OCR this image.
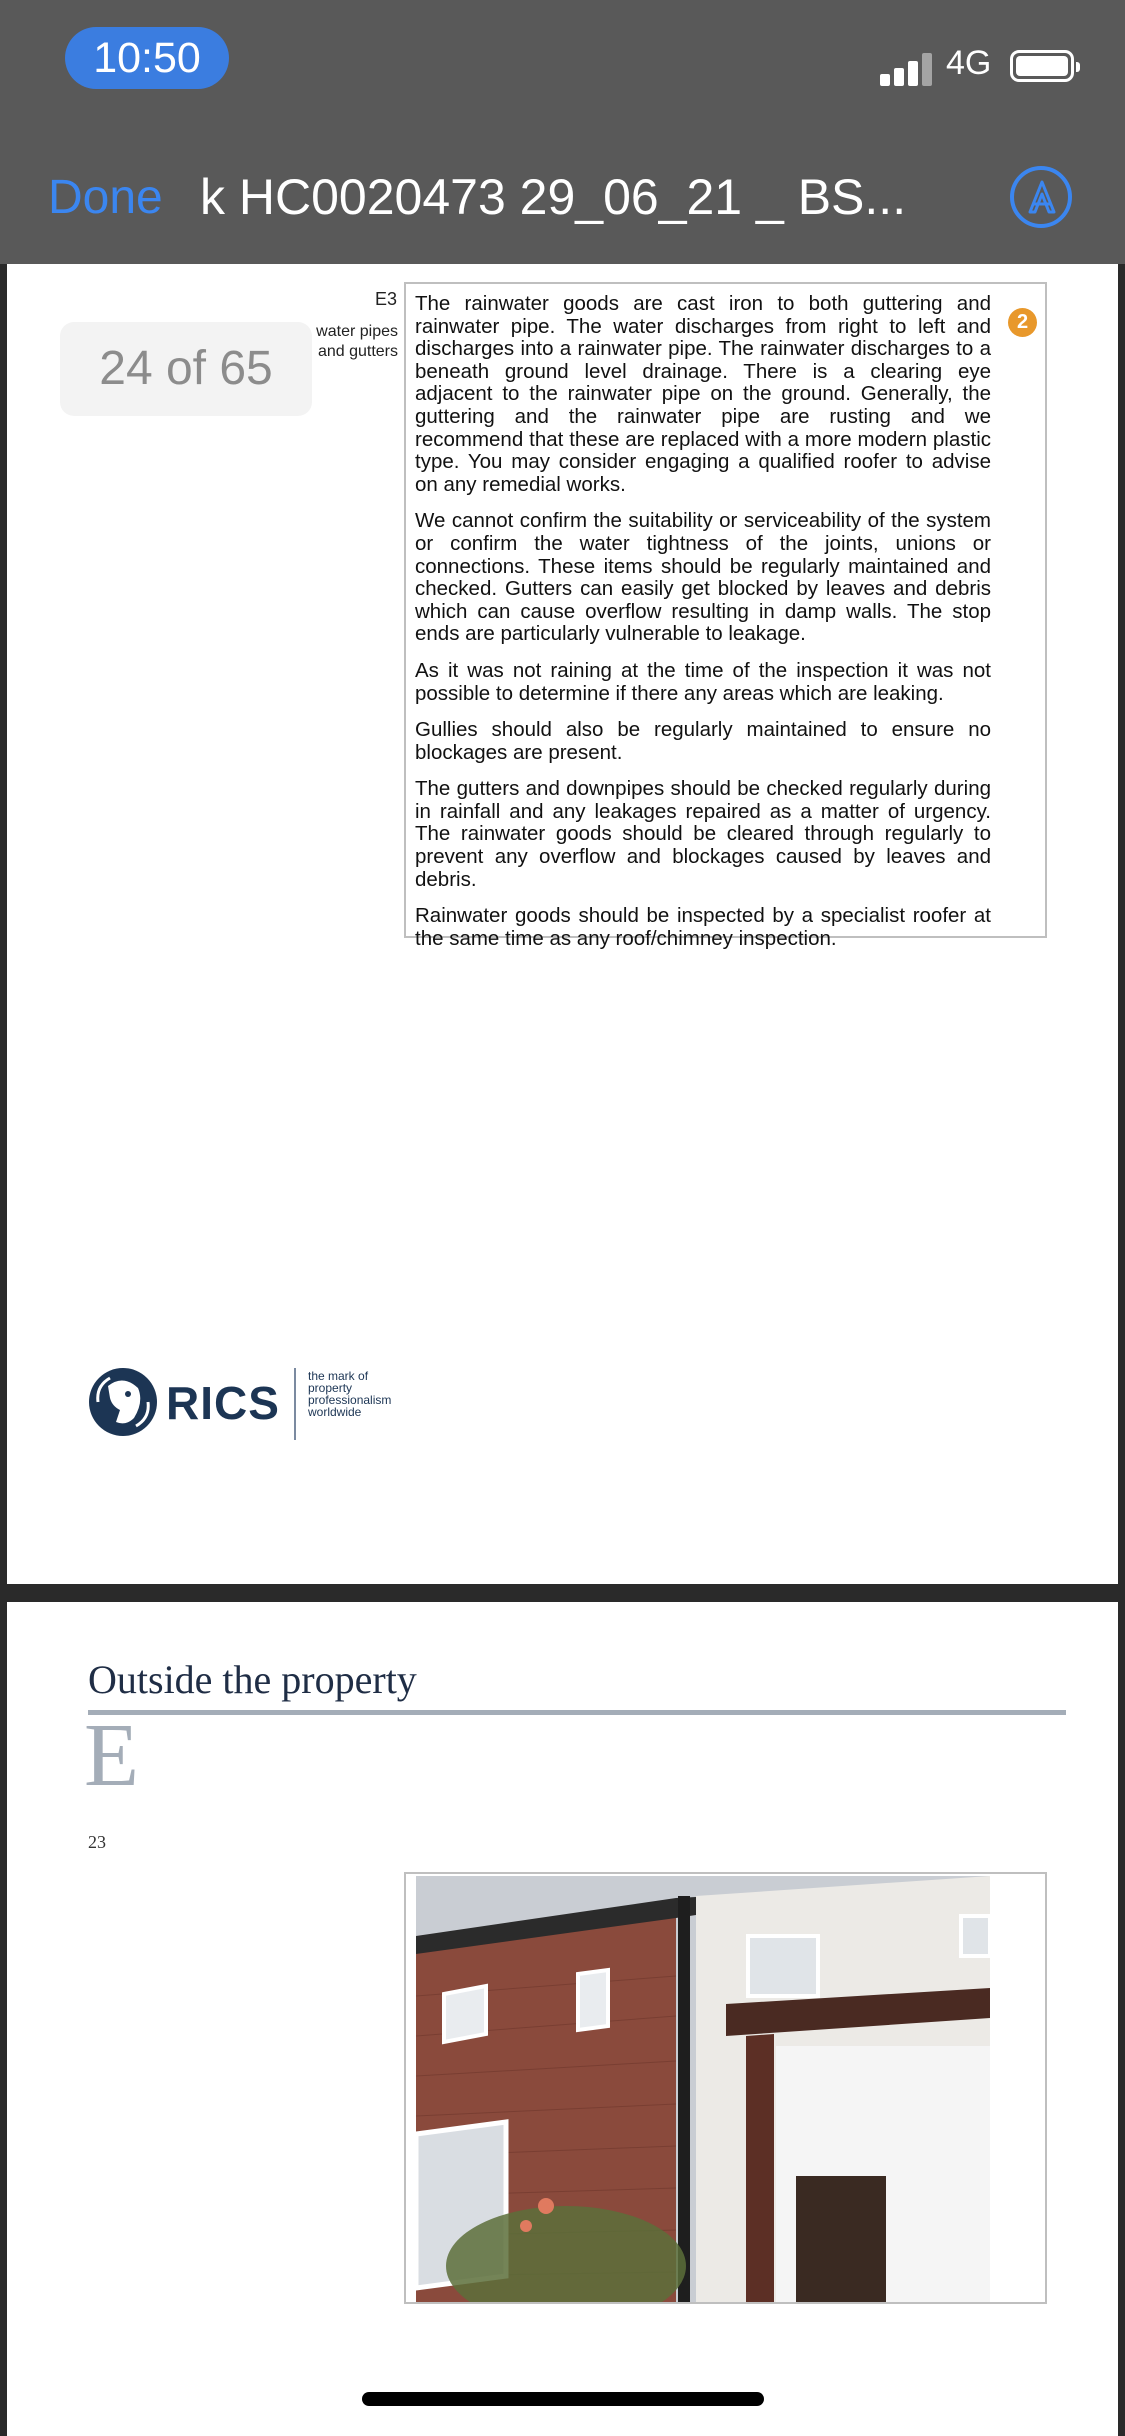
10:50	4G
Done k HC0020473 29_06_21 _ BS...
E3
water pipes
and gutters

The rainwater goods are cast iron to both guttering and rainwater pipe. The water discharges from right to left and discharges into a rainwater pipe. The rainwater discharges to a beneath ground level drainage. There is a clearing eye adjacent to the rainwater pipe on the ground. Generally, the guttering and the rainwater pipe are rusting and we recommend that these are replaced with a more modern plastic type. You may consider engaging a qualified roofer to advise on any remedial works.

We cannot confirm the suitability or serviceability of the system or confirm the water tightness of the joints, unions or connections. These items should be regularly maintained and checked. Gutters can easily get blocked by leaves and debris which can cause overflow resulting in damp walls. The stop ends are particularly vulnerable to leakage.

As it was not raining at the time of the inspection it was not possible to determine if there any areas which are leaking.

Gullies should also be regularly maintained to ensure no blockages are present.

The gutters and downpipes should be checked regularly during in rainfall and any leakages repaired as a matter of urgency. The rainwater goods should be cleared through regularly to prevent any overflow and blockages caused by leaves and debris.

Rainwater goods should be inspected by a specialist roofer at the same time as any roof/chimney inspection.

2
24 of 65
RICS
the mark of
property
professionalism
worldwide
Outside the property
E
23
